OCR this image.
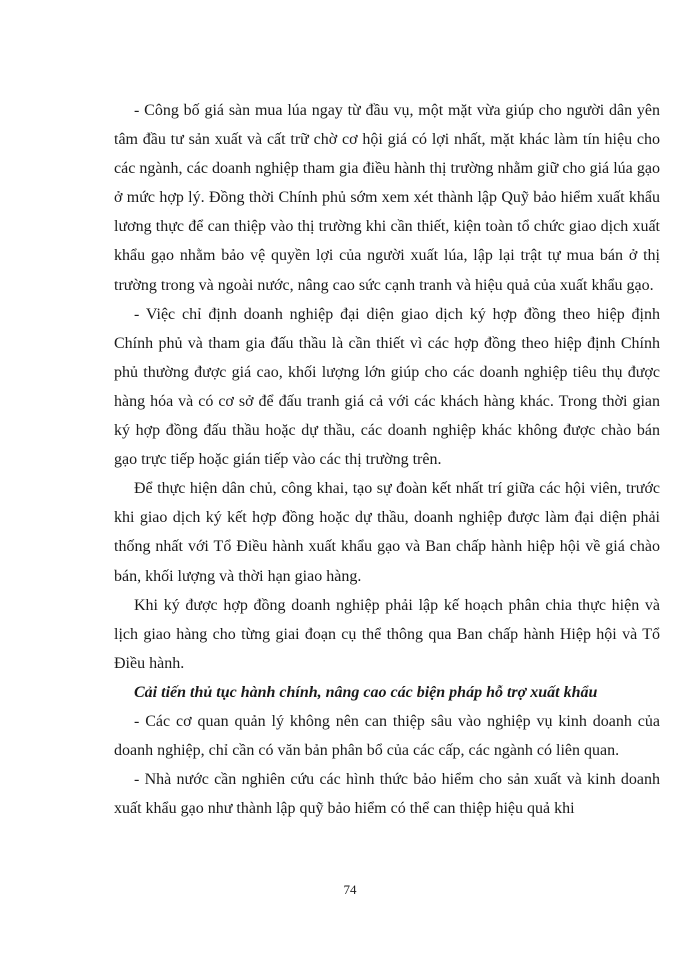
- Công bố giá sàn mua lúa ngay từ đầu vụ, một mặt vừa giúp cho người dân yên tâm đầu tư sản xuất và cất trữ chờ cơ hội giá có lợi nhất, mặt khác làm tín hiệu cho các ngành, các doanh nghiệp tham gia điều hành thị trường nhằm giữ cho giá lúa gạo ở mức hợp lý. Đồng thời Chính phủ sớm xem xét thành lập Quỹ bảo hiểm xuất khẩu lương thực để can thiệp vào thị trường khi cần thiết, kiện toàn tổ chức giao dịch xuất khẩu gạo nhằm bảo vệ quyền lợi của người xuất lúa, lập lại trật tự mua bán ở thị trường trong và ngoài nước, nâng cao sức cạnh tranh và hiệu quả của xuất khẩu gạo.

- Việc chỉ định doanh nghiệp đại diện giao dịch ký hợp đồng theo hiệp định Chính phủ và tham gia đấu thầu là cần thiết vì các hợp đồng theo hiệp định Chính phủ thường được giá cao, khối lượng lớn giúp cho các doanh nghiệp tiêu thụ được hàng hóa và có cơ sở để đấu tranh giá cả với các khách hàng khác. Trong thời gian ký hợp đồng đấu thầu hoặc dự thầu, các doanh nghiệp khác không được chào bán gạo trực tiếp hoặc gián tiếp vào các thị trường trên.

Để thực hiện dân chủ, công khai, tạo sự đoàn kết nhất trí giữa các hội viên, trước khi giao dịch ký kết hợp đồng hoặc dự thầu, doanh nghiệp được làm đại diện phải thống nhất với Tổ Điều hành xuất khẩu gạo và Ban chấp hành hiệp hội về giá chào bán, khối lượng và thời hạn giao hàng.

Khi ký được hợp đồng doanh nghiệp phải lập kế hoạch phân chia thực hiện và lịch giao hàng cho từng giai đoạn cụ thể thông qua Ban chấp hành Hiệp hội và Tổ Điều hành.

Cải tiến thủ tục hành chính, nâng cao các biện pháp hỗ trợ xuất khẩu

- Các cơ quan quản lý không nên can thiệp sâu vào nghiệp vụ kinh doanh của doanh nghiệp, chỉ cần có văn bản phân bổ của các cấp, các ngành có liên quan.

- Nhà nước cần nghiên cứu các hình thức bảo hiểm cho sản xuất và kinh doanh xuất khẩu gạo như thành lập quỹ bảo hiểm có thể can thiệp hiệu quả khi

74
